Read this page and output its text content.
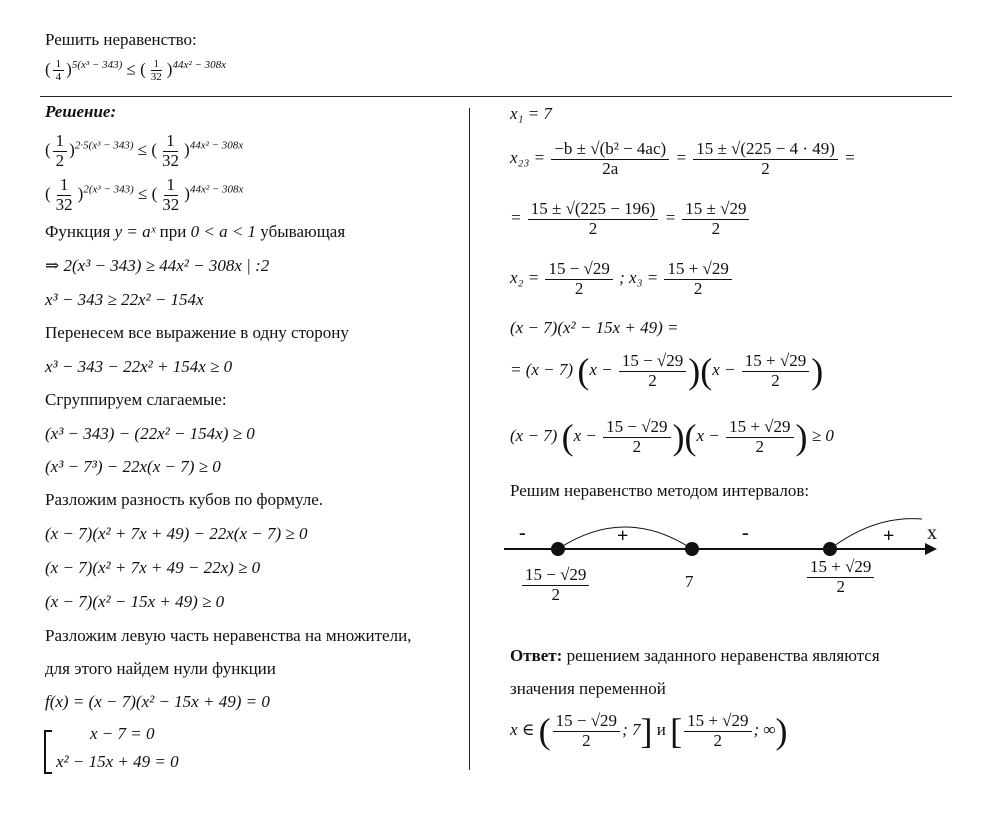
Решить неравенство:
( $\frac{1}{4} )^{5(x^3 - 343)}$ ≤ ( $\frac{1}{32} )^{44x^2 - 308x}$
Решение:
( $\frac{1}{2} )^{2\cdot 5(x^3 - 343)}$ ≤ ( $\frac{1}{32} )^{44x^2 - 308x}$
( $\frac{1}{32} )^{2(x^3 - 343)}$ ≤ ( $\frac{1}{32} )^{44x^2 - 308x}$
Функция y = aˣ при 0 < a < 1 убывающая
⇒ 2(x³ − 343) ≥ 44x² − 308x | :2
x³ − 343 ≥ 22x² − 154x
Перенесем все выражение в одну сторону
x³ − 343 − 22x² + 154x ≥ 0
Сгруппируем слагаемые:
(x³ − 343) − (22x² − 154x) ≥ 0
(x³ − 7³) − 22x(x − 7) ≥ 0
Разложим разность кубов по формуле.
(x − 7)(x² + 7x + 49) − 22x(x − 7) ≥ 0
(x − 7)(x² + 7x + 49 − 22x) ≥ 0
(x − 7)(x² − 15x + 49) ≥ 0
Разложим левую часть неравенства на множители,
для этого найдем нули функции
f(x) = (x − 7)(x² − 15x + 49) = 0
x − 7 = 0
x² − 15x + 49 = 0
x₁ = 7
$x_{23} = \frac{\text{−b ± √(b² − 4ac)}}{2a} = \frac{15 \pm √(225 - 4 \cdot 49)}{2}$ =
= $\frac{15 \pm √(225 - 196)}{2} = \frac{15 \pm √29}{2}$
$x_2 = \frac{15 - √29}{2}$ ; $x_3 = \frac{15 + √29}{2}$
(x − 7)(x² − 15x + 49) =
= (x − 7) $(x - \frac{15 - √29}{2} )(x - \frac{15 + √29}{2}$ )
(x − 7) $(x - \frac{15 - √29}{2} )(x - \frac{15 + √29}{2}$ ) ≥ 0
Решим неравенство методом интервалов:
-	+	-	+ x
$\frac{15 - √29}{2}$	7	$\frac{15 + √29}{2}$
Ответ: решением заданного неравенства являются
значения переменной
x ∈ ( $\frac{15 - √29}{2}$ ; 7] и [ $\frac{15 + √29}{2}$ ; ∞)
